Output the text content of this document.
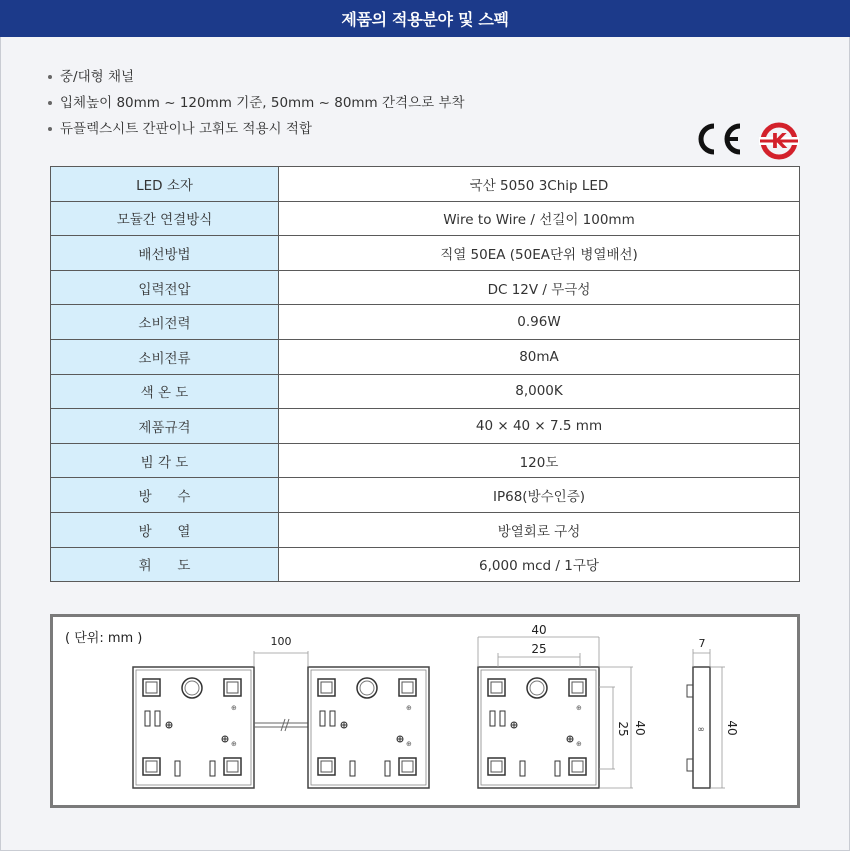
제품의 적용분야 및 스펙
중/대형 채널
입체높이 80mm ~ 120mm 기준, 50mm ~ 80mm 간격으로 부착
듀플렉스시트 간판이나 고휘도 적용시 적합	K
LED 소자	국산 5050 3Chip LED
모듈간 연결방식	Wire to Wire / 선길이 100mm
배선방법	직열 50EA (50EA단위 병열배선)
입력전압	DC 12V / 무극성
소비전력	0.96W
소비전류	80mA
색 온 도	8,000K
제품규격	40 × 40 × 7.5 mm
빔 각 도	120도
방      수	IP68(방수인증)
방      열	방열회로 구성
휘      도	6,000 mcd / 1구당
( 단위: mm )
⊕
100
40
25
25 40	∞
7
40
